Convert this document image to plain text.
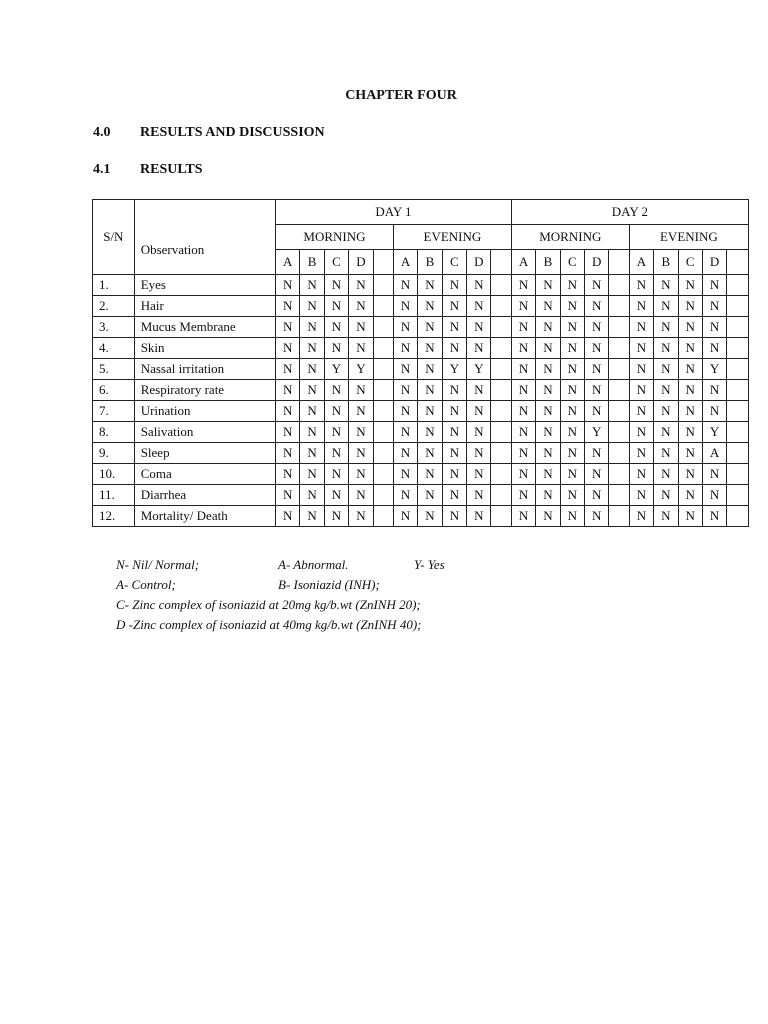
CHAPTER FOUR
4.0 RESULTS AND DISCUSSION
4.1 RESULTS
S/N	Observation	DAY 1										DAY 2									
		MORNING					EVENING					MORNING					EVENING				
		A	B	C	D		A	B	C	D		A	B	C	D		A	B	C	D	
1.	Eyes	N	N	N	N		N	N	N	N		N	N	N	N		N	N	N	N	
2.	Hair	N	N	N	N		N	N	N	N		N	N	N	N		N	N	N	N	
3.	Mucus Membrane	N	N	N	N		N	N	N	N		N	N	N	N		N	N	N	N	
4.	Skin	N	N	N	N		N	N	N	N		N	N	N	N		N	N	N	N	
5.	Nassal irritation	N	N	Y	Y		N	N	Y	Y		N	N	N	N		N	N	N	Y	
6.	Respiratory rate	N	N	N	N		N	N	N	N		N	N	N	N		N	N	N	N	
7.	Urination	N	N	N	N		N	N	N	N		N	N	N	N		N	N	N	N	
8.	Salivation	N	N	N	N		N	N	N	N		N	N	N	Y		N	N	N	Y	
9.	Sleep	N	N	N	N		N	N	N	N		N	N	N	N		N	N	N	A	
10.	Coma	N	N	N	N		N	N	N	N		N	N	N	N		N	N	N	N	
11.	Diarrhea	N	N	N	N		N	N	N	N		N	N	N	N		N	N	N	N	
12.	Mortality/ Death	N	N	N	N		N	N	N	N		N	N	N	N		N	N	N	N	
N- Nil/ Normal;	A- Abnormal.	Y- Yes
A- Control;	B- Isoniazid (INH);
C- Zinc complex of isoniazid at 20mg kg/b.wt (ZnINH 20);
D -Zinc complex of isoniazid at 40mg kg/b.wt (ZnINH 40);
